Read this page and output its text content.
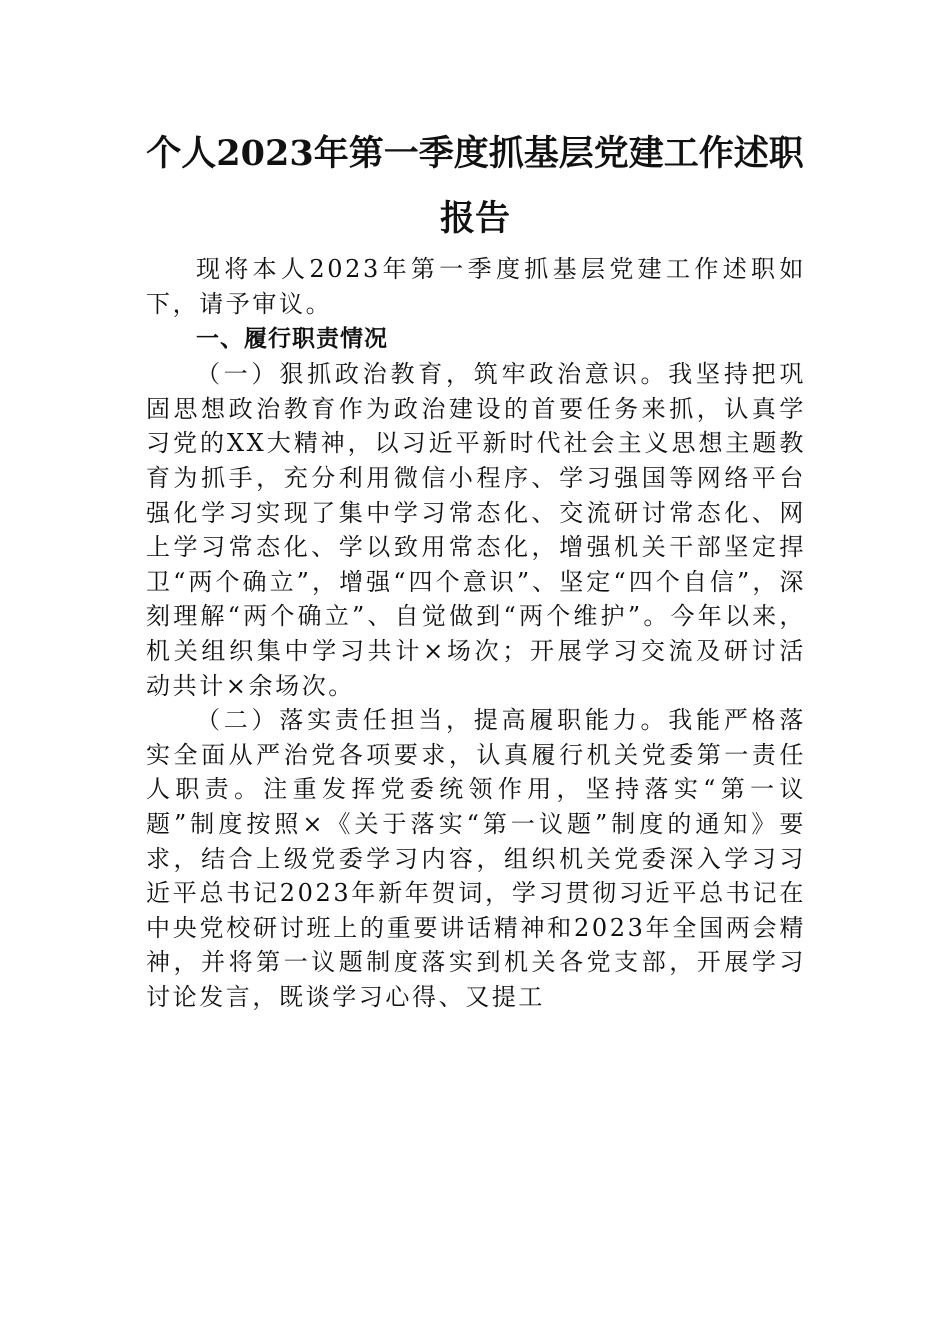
个人2023年第一季度抓基层党建工作述职
报告

现将本人2023年第一季度抓基层党建工作述职如下，请予审议。

一、履行职责情况

（一）狠抓政治教育，筑牢政治意识。我坚持把巩固思想政治教育作为政治建设的首要任务来抓，认真学习党的XX大精神，以习近平新时代社会主义思想主题教育为抓手，充分利用微信小程序、学习强国等网络平台强化学习实现了集中学习常态化、交流研讨常态化、网上学习常态化、学以致用常态化，增强机关干部坚定捍卫“两个确立”，增强“四个意识”、坚定“四个自信”，深刻理解“两个确立”、自觉做到“两个维护”。今年以来，机关组织集中学习共计×场次；开展学习交流及研讨活动共计×余场次。

（二）落实责任担当，提高履职能力。我能严格落实全面从严治党各项要求，认真履行机关党委第一责任人职责。注重发挥党委统领作用，坚持落实“第一议题”制度按照×《关于落实“第一议题”制度的通知》要求，结合上级党委学习内容，组织机关党委深入学习习近平总书记2023年新年贺词，学习贯彻习近平总书记在中央党校研讨班上的重要讲话精神和2023年全国两会精神，并将第一议题制度落实到机关各党支部，开展学习讨论发言，既谈学习心得、又提工
